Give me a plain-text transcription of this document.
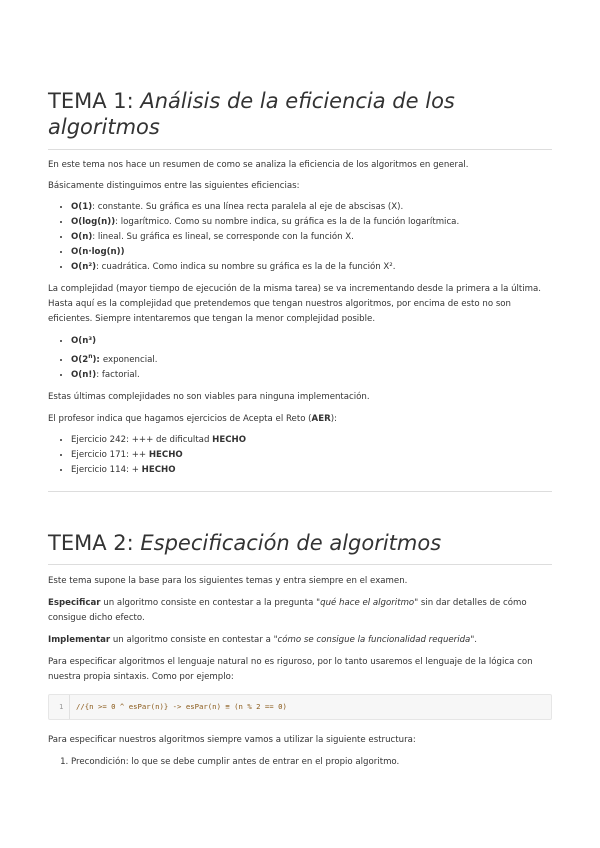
TEMA 1: Análisis de la eficiencia de los
algoritmos

En este tema nos hace un resumen de como se analiza la eficiencia de los algoritmos en general.

Básicamente distinguimos entre las siguientes eficiencias:

• O(1): constante. Su gráfica es una línea recta paralela al eje de abscisas (X).
• O(log(n)): logarítmico. Como su nombre indica, su gráfica es la de la función logarítmica.
• O(n): lineal. Su gráfica es lineal, se corresponde con la función X.
• O(n·log(n))
• O(n²): cuadrática. Como indica su nombre su gráfica es la de la función X².

La complejidad (mayor tiempo de ejecución de la misma tarea) se va incrementando desde la primera a la última. Hasta aquí es la complejidad que pretendemos que tengan nuestros algoritmos, por encima de esto no son eficientes. Siempre intentaremos que tengan la menor complejidad posible.

• O(n³)
• O(2$^n$): exponencial.
• O(n!): factorial.

Estas últimas complejidades no son viables para ninguna implementación.

El profesor indica que hagamos ejercicios de Acepta el Reto (AER):

• Ejercicio 242: +++ de dificultad HECHO
• Ejercicio 171: ++ HECHO
• Ejercicio 114: + HECHO
TEMA 2: Especificación de algoritmos

Este tema supone la base para los siguientes temas y entra siempre en el examen.

Especificar un algoritmo consiste en contestar a la pregunta "qué hace el algoritmo" sin dar detalles de cómo consigue dicho efecto.

Implementar un algoritmo consiste en contestar a "cómo se consigue la funcionalidad requerida".

Para especificar algoritmos el lenguaje natural no es riguroso, por lo tanto usaremos el lenguaje de la lógica con nuestra propia sintaxis. Como por ejemplo:

1 //{n >= 0 ^ esPar(n)} -> esPar(n) ≡ (n % 2 == 0)

Para especificar nuestros algoritmos siempre vamos a utilizar la siguiente estructura:

1. Precondición: lo que se debe cumplir antes de entrar en el propio algoritmo.
